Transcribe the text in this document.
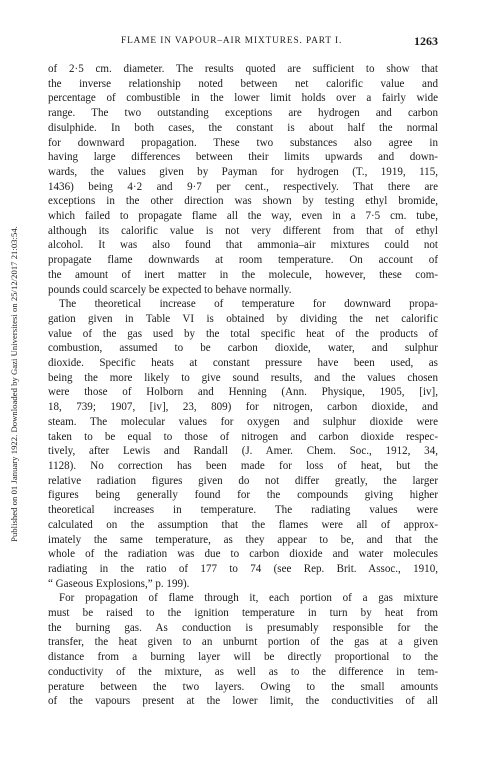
Published on 01 January 1922. Downloaded by Gazi Universitesi on 25/12/2017 21:03:54.
FLAME IN VAPOUR–AIR MIXTURES. PART I.	1263

of 2·5 cm. diameter. The results quoted are sufficient to show that
the inverse relationship noted between net calorific value and
percentage of combustible in the lower limit holds over a fairly wide
range. The two outstanding exceptions are hydrogen and carbon
disulphide. In both cases, the constant is about half the normal
for downward propagation. These two substances also agree in
having large differences between their limits upwards and down-
wards, the values given by Payman for hydrogen (T., 1919, 115,
1436) being 4·2 and 9·7 per cent., respectively. That there are
exceptions in the other direction was shown by testing ethyl bromide,
which failed to propagate flame all the way, even in a 7·5 cm. tube,
although its calorific value is not very different from that of ethyl
alcohol. It was also found that ammonia–air mixtures could not
propagate flame downwards at room temperature. On account of
the amount of inert matter in the molecule, however, these com-
pounds could scarcely be expected to behave normally.

The theoretical increase of temperature for downward propa-
gation given in Table VI is obtained by dividing the net calorific
value of the gas used by the total specific heat of the products of
combustion, assumed to be carbon dioxide, water, and sulphur
dioxide. Specific heats at constant pressure have been used, as
being the more likely to give sound results, and the values chosen
were those of Holborn and Henning (Ann. Physique, 1905, [iv],
18, 739; 1907, [iv], 23, 809) for nitrogen, carbon dioxide, and
steam. The molecular values for oxygen and sulphur dioxide were
taken to be equal to those of nitrogen and carbon dioxide respec-
tively, after Lewis and Randall (J. Amer. Chem. Soc., 1912, 34,
1128). No correction has been made for loss of heat, but the
relative radiation figures given do not differ greatly, the larger
figures being generally found for the compounds giving higher
theoretical increases in temperature. The radiating values were
calculated on the assumption that the flames were all of approx-
imately the same temperature, as they appear to be, and that the
whole of the radiation was due to carbon dioxide and water molecules
radiating in the ratio of 177 to 74 (see Rep. Brit. Assoc., 1910,
“ Gaseous Explosions,” p. 199).

For propagation of flame through it, each portion of a gas mixture
must be raised to the ignition temperature in turn by heat from
the burning gas. As conduction is presumably responsible for the
transfer, the heat given to an unburnt portion of the gas at a given
distance from a burning layer will be directly proportional to the
conductivity of the mixture, as well as to the difference in tem-
perature between the two layers. Owing to the small amounts
of the vapours present at the lower limit, the conductivities of all
